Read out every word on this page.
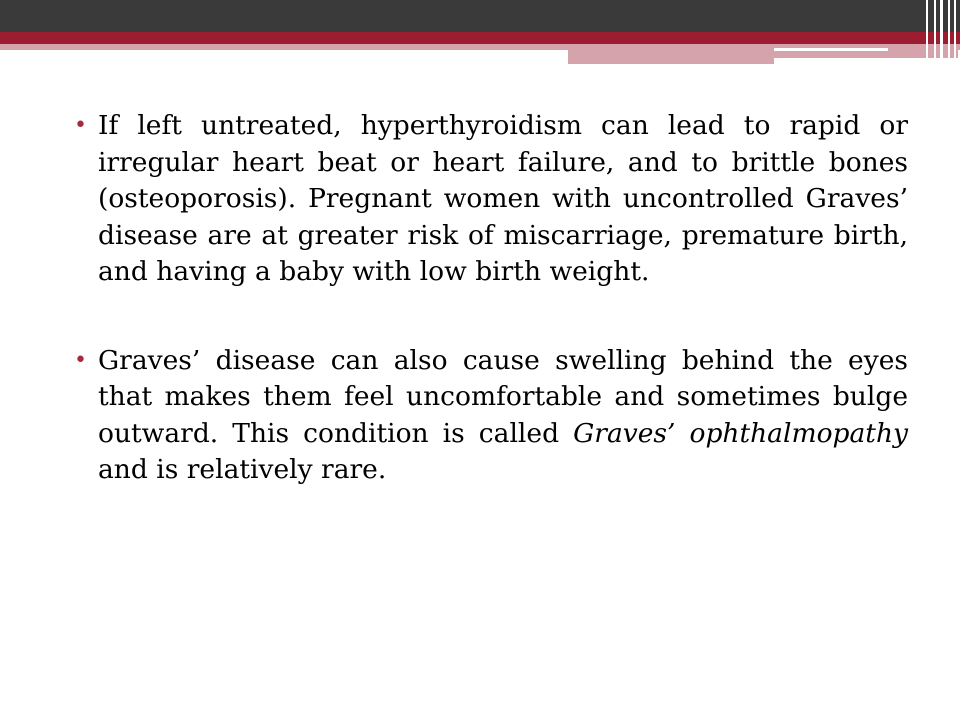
• If left untreated, hyperthyroidism can lead to rapid or irregular heart beat or heart failure, and to brittle bones (osteoporosis). Pregnant women with uncontrolled Graves’ disease are at greater risk of miscarriage, premature birth, and having a baby with low birth weight.
• Graves’ disease can also cause swelling behind the eyes that makes them feel uncomfortable and sometimes bulge outward. This condition is called Graves’ ophthalmopathy and is relatively rare.
